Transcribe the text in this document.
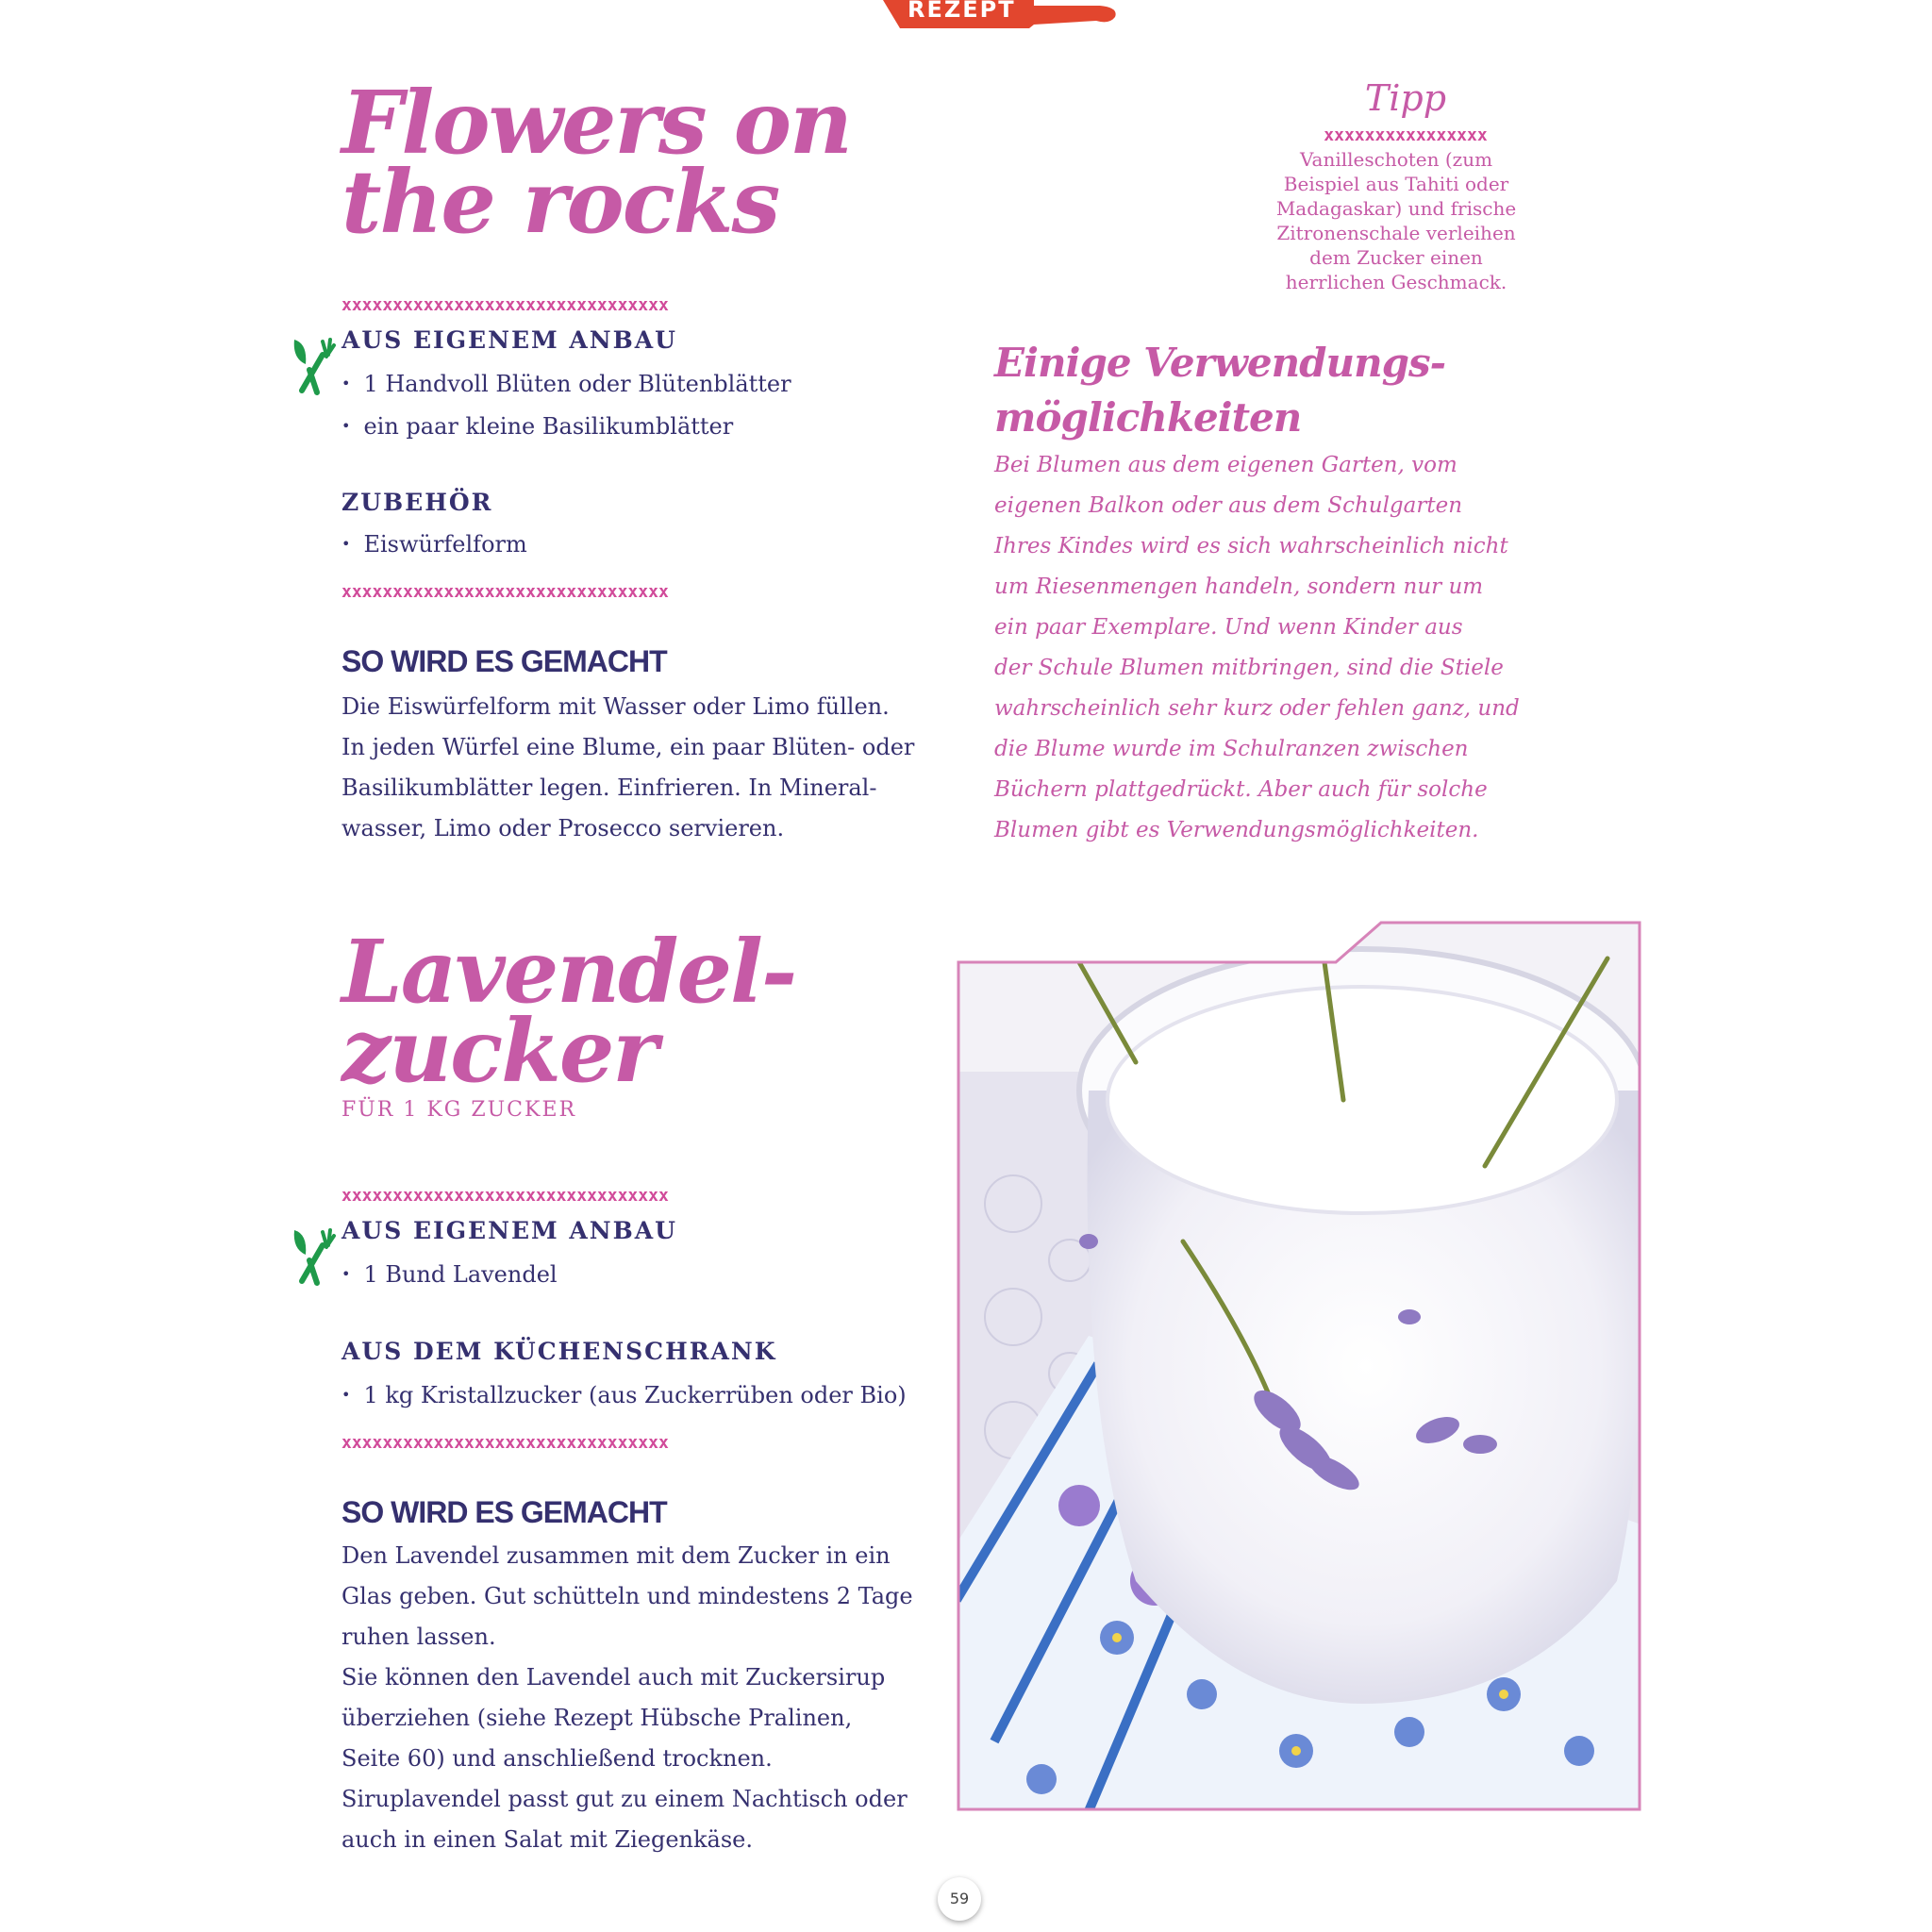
REZEPT
Flowers on
the rocks
xxxxxxxxxxxxxxxxxxxxxxxxxxxxxxxx
AUS EIGENEM ANBAU
• 1 Handvoll Blüten oder Blütenblätter
• ein paar kleine Basilikumblätter
ZUBEHÖR
• Eiswürfelform
xxxxxxxxxxxxxxxxxxxxxxxxxxxxxxxx
SO WIRD ES GEMACHT

Die Eiswürfelform mit Wasser oder Limo füllen.

In jeden Würfel eine Blume, ein paar Blüten- oder

Basilikumblätter legen. Einfrieren. In Mineral-

wasser, Limo oder Prosecco servieren.

Tipp
xxxxxxxxxxxxxxxx
Vanilleschoten (zum
Beispiel aus Tahiti oder
Madagaskar) und frische
Zitronenschale verleihen
dem Zucker einen
herrlichen Geschmack.
Einige Verwendungs-
möglichkeiten
Bei Blumen aus dem eigenen Garten, vom
eigenen Balkon oder aus dem Schulgarten
Ihres Kindes wird es sich wahrscheinlich nicht
um Riesenmengen handeln, sondern nur um
ein paar Exemplare. Und wenn Kinder aus
der Schule Blumen mitbringen, sind die Stiele
wahrscheinlich sehr kurz oder fehlen ganz, und
die Blume wurde im Schulranzen zwischen
Büchern plattgedrückt. Aber auch für solche
Blumen gibt es Verwendungsmöglichkeiten.
Lavendel-
zucker
FÜR 1 KG ZUCKER
xxxxxxxxxxxxxxxxxxxxxxxxxxxxxxxx
AUS EIGENEM ANBAU
• 1 Bund Lavendel
AUS DEM KÜCHENSCHRANK
• 1 kg Kristallzucker (aus Zuckerrüben oder Bio)
xxxxxxxxxxxxxxxxxxxxxxxxxxxxxxxx
SO WIRD ES GEMACHT

Den Lavendel zusammen mit dem Zucker in ein

Glas geben. Gut schütteln und mindestens 2 Tage

ruhen lassen.

Sie können den Lavendel auch mit Zuckersirup

überziehen (siehe Rezept Hübsche Pralinen,

Seite 60) und anschließend trocknen.

Siruplavendel passt gut zu einem Nachtisch oder

auch in einen Salat mit Ziegenkäse.

59
